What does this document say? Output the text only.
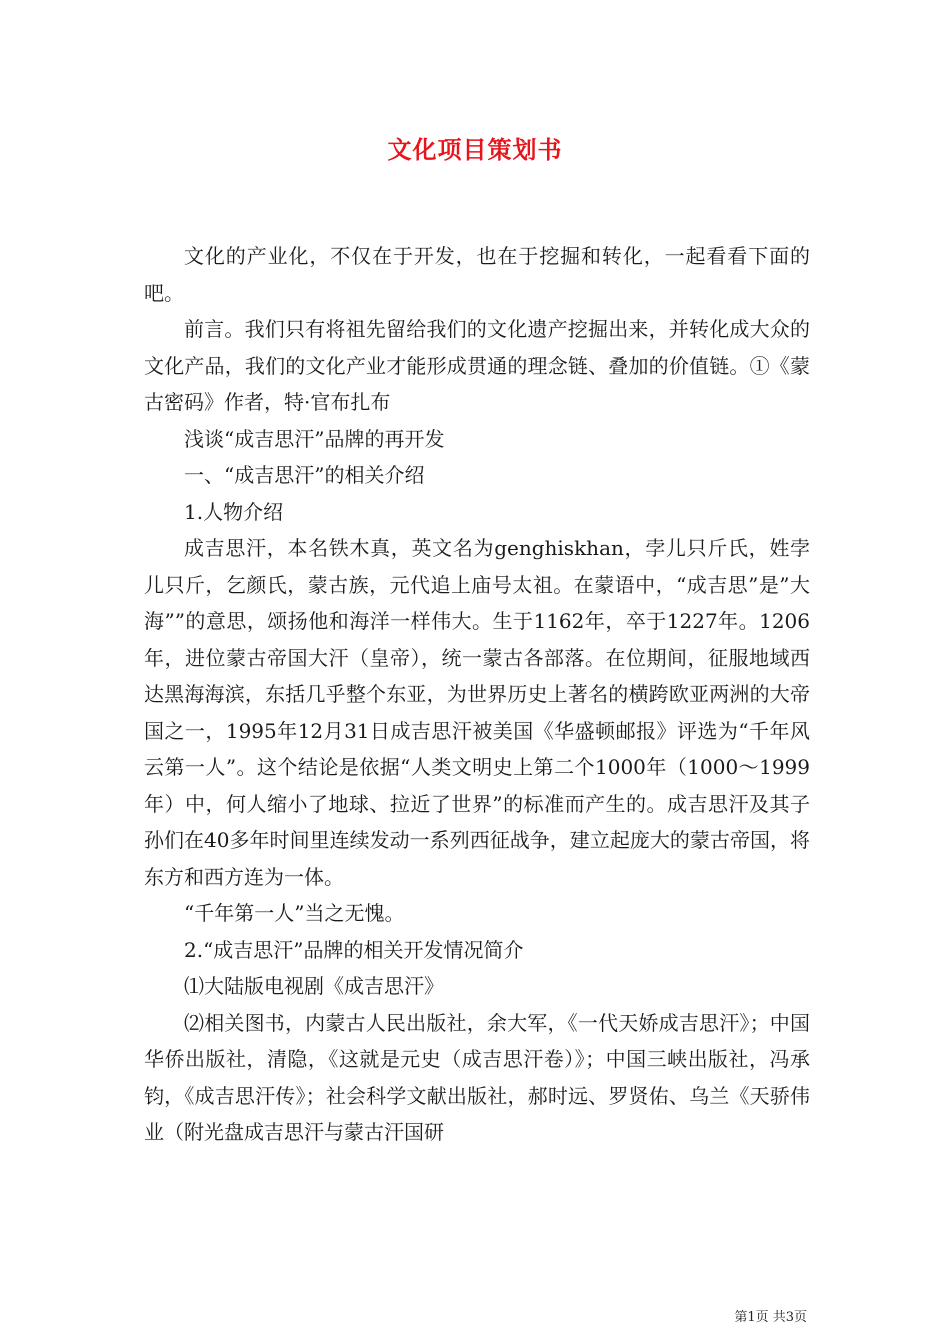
文化项目策划书

文化的产业化，不仅在于开发，也在于挖掘和转化，一起看看下面的吧。

前言。我们只有将祖先留给我们的文化遗产挖掘出来，并转化成大众的文化产品，我们的文化产业才能形成贯通的理念链、叠加的价值链。①《蒙古密码》作者，特·官布扎布

浅谈“成吉思汗”品牌的再开发

一、“成吉思汗”的相关介绍

1.人物介绍

成吉思汗，本名铁木真，英文名为genghiskhan，孛儿只斤氏，姓孛儿只斤，乞颜氏，蒙古族，元代追上庙号太祖。在蒙语中，“成吉思”是”大海””的意思，颂扬他和海洋一样伟大。生于1162年，卒于1227年。1206年，进位蒙古帝国大汗（皇帝），统一蒙古各部落。在位期间，征服地域西达黑海海滨，东括几乎整个东亚，为世界历史上著名的横跨欧亚两洲的大帝国之一，1995年12月31日成吉思汗被美国《华盛顿邮报》评选为“千年风云第一人”。这个结论是依据“人类文明史上第二个1000年（1000～1999年）中，何人缩小了地球、拉近了世界”的标准而产生的。成吉思汗及其子孙们在40多年时间里连续发动一系列西征战争，建立起庞大的蒙古帝国，将东方和西方连为一体。

“千年第一人”当之无愧。

2.“成吉思汗”品牌的相关开发情况简介

⑴大陆版电视剧《成吉思汗》

⑵相关图书，内蒙古人民出版社，余大军，《一代天娇成吉思汗》；中国华侨出版社，清隐，《这就是元史（成吉思汗卷）》；中国三峡出版社，冯承钧，《成吉思汗传》；社会科学文献出版社，郝时远、罗贤佑、乌兰《天骄伟业（附光盘成吉思汗与蒙古汗国研

第1页 共3页
